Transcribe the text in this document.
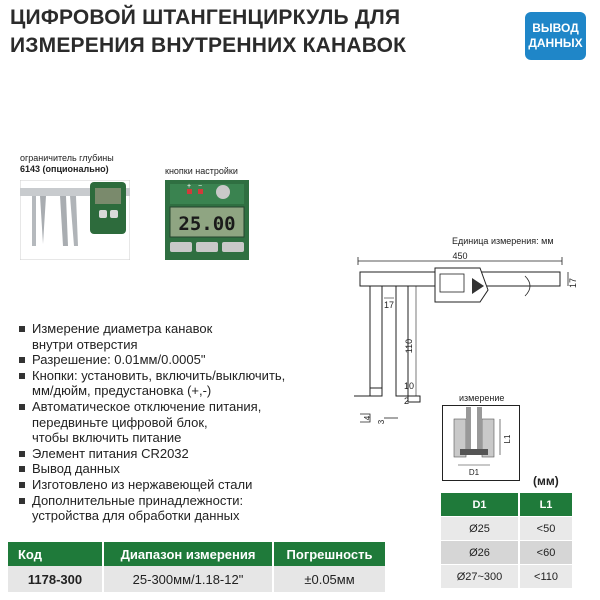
ЦИФРОВОЙ ШТАНГЕНЦИРКУЛЬ ДЛЯ
ИЗМЕРЕНИЯ ВНУТРЕННИХ КАНАВОК
ВЫВОД
ДАННЫХ
ограничитель глубины
6143 (опционально)	кнопки настройки
+ −
25.00
Единица измерения: мм
450
17
17
110
10
2
4
3
измерение
L1
D1
Измерение диаметра канавок
внутри отверстия
Разрешение: 0.01мм/0.0005"
Кнопки: установить, включить/выключить,
мм/дюйм, предустановка (+,-)
Автоматическое отключение питания,
передвиньте цифровой блок,
чтобы включить питание
Элемент питания CR2032
Вывод данных
Изготовлено из нержавеющей стали
Дополнительные принадлежности:
устройства для обработки данных
Код	Диапазон измерения	Погрешность
1178-300	25-300мм/1.18-12"	±0.05мм
(мм)
D1	L1
Ø25	<50
Ø26	<60
Ø27~300	<110
